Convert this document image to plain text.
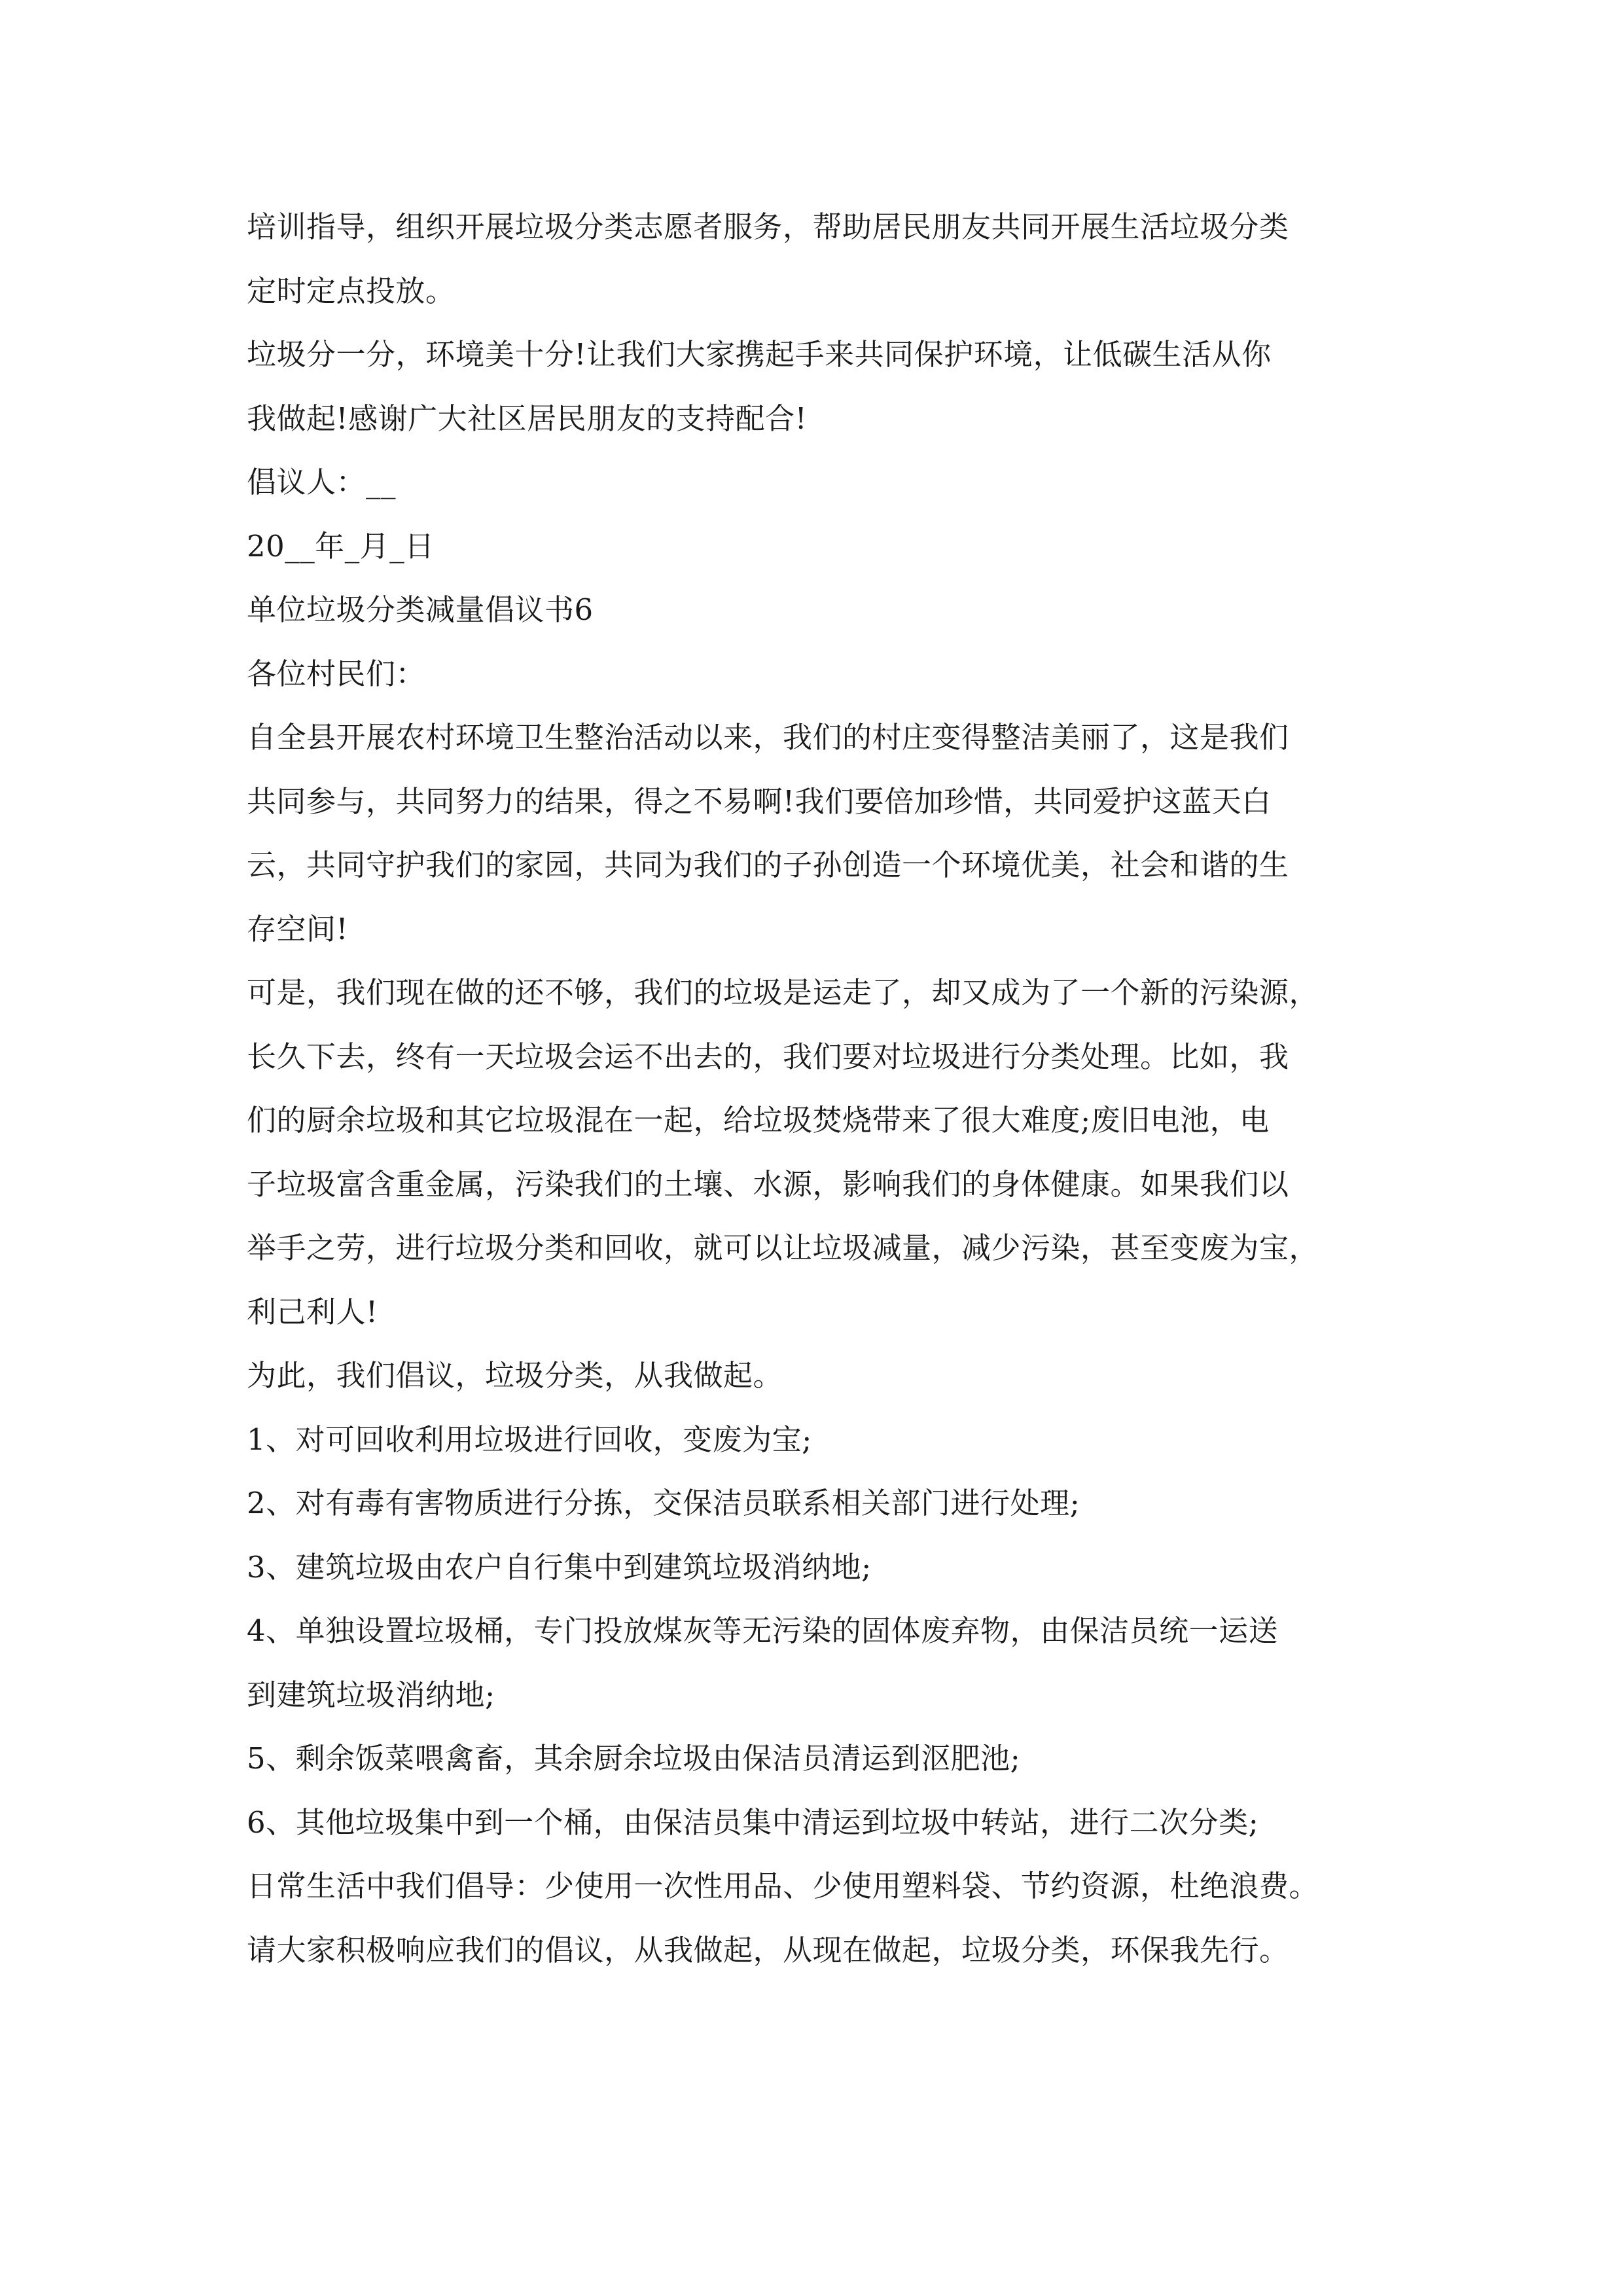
培训指导，组织开展垃圾分类志愿者服务，帮助居民朋友共同开展生活垃圾分类
定时定点投放。
垃圾分一分，环境美十分!让我们大家携起手来共同保护环境，让低碳生活从你
我做起!感谢广大社区居民朋友的支持配合!
倡议人：__
20__年_月_日
单位垃圾分类减量倡议书6
各位村民们：
自全县开展农村环境卫生整治活动以来，我们的村庄变得整洁美丽了，这是我们
共同参与，共同努力的结果，得之不易啊!我们要倍加珍惜，共同爱护这蓝天白
云，共同守护我们的家园，共同为我们的子孙创造一个环境优美，社会和谐的生
存空间!
可是，我们现在做的还不够，我们的垃圾是运走了，却又成为了一个新的污染源，
长久下去，终有一天垃圾会运不出去的，我们要对垃圾进行分类处理。比如，我
们的厨余垃圾和其它垃圾混在一起，给垃圾焚烧带来了很大难度;废旧电池，电
子垃圾富含重金属，污染我们的土壤、水源，影响我们的身体健康。如果我们以
举手之劳，进行垃圾分类和回收，就可以让垃圾减量，减少污染，甚至变废为宝，
利己利人!
为此，我们倡议，垃圾分类，从我做起。
1、对可回收利用垃圾进行回收，变废为宝;
2、对有毒有害物质进行分拣，交保洁员联系相关部门进行处理;
3、建筑垃圾由农户自行集中到建筑垃圾消纳地;
4、单独设置垃圾桶，专门投放煤灰等无污染的固体废弃物，由保洁员统一运送
到建筑垃圾消纳地;
5、剩余饭菜喂禽畜，其余厨余垃圾由保洁员清运到沤肥池;
6、其他垃圾集中到一个桶，由保洁员集中清运到垃圾中转站，进行二次分类;
日常生活中我们倡导：少使用一次性用品、少使用塑料袋、节约资源，杜绝浪费。
请大家积极响应我们的倡议，从我做起，从现在做起，垃圾分类，环保我先行。
